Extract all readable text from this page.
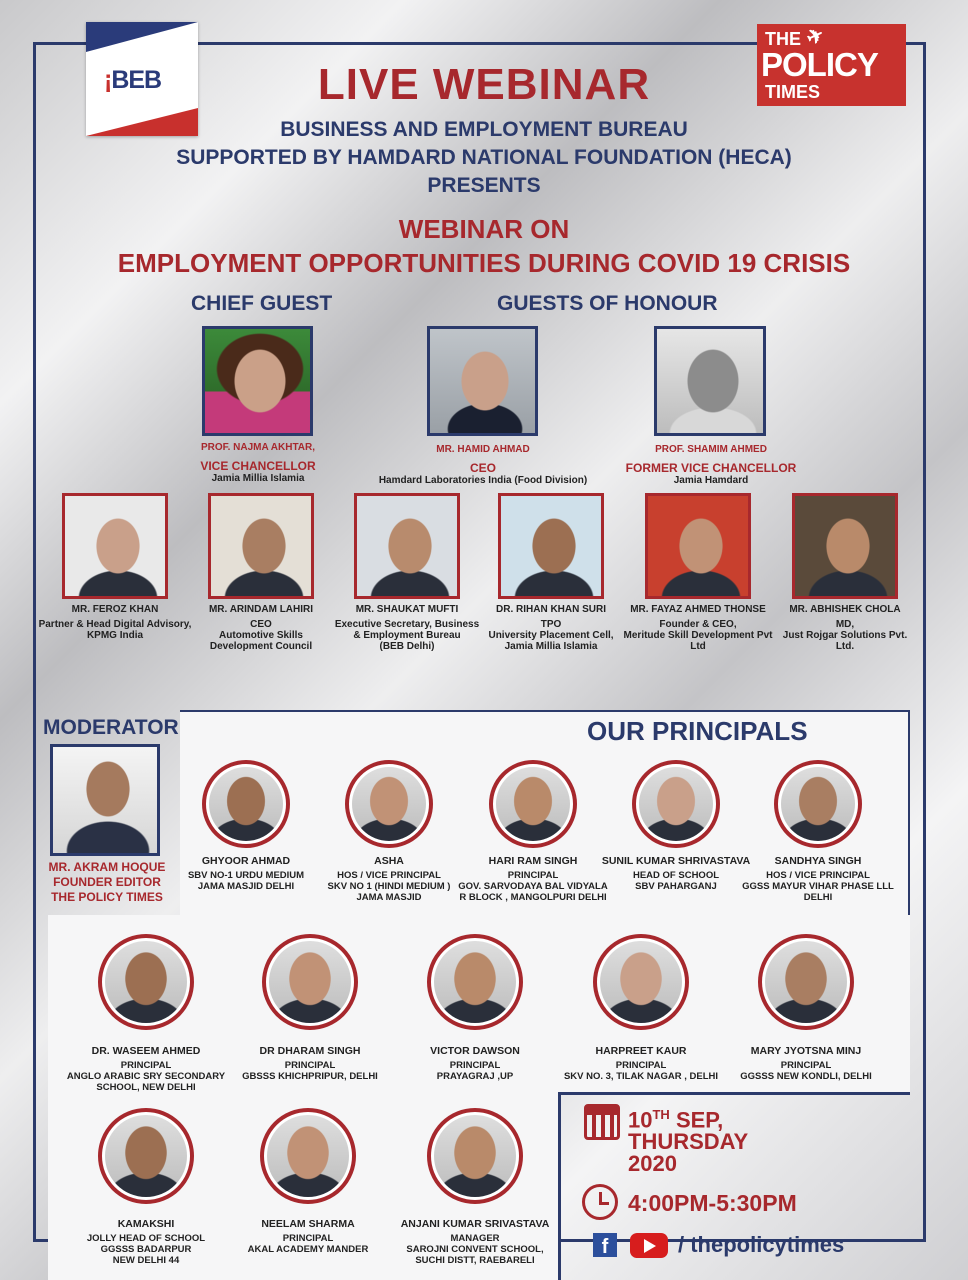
¡BEB
THE ✈
POLICY
TIMES
LIVE WEBINAR
BUSINESS AND EMPLOYMENT BUREAU
SUPPORTED BY HAMDARD NATIONAL FOUNDATION (HECA)
PRESENTS
WEBINAR ON
EMPLOYMENT OPPORTUNITIES DURING COVID 19 CRISIS
CHIEF GUEST	GUESTS OF HONOUR
PROF. NAJMA AKHTAR,
VICE CHANCELLOR
Jamia Millia Islamia
MR. HAMID AHMAD
CEO
Hamdard Laboratories India (Food Division)
PROF. SHAMIM AHMED
FORMER VICE CHANCELLOR
Jamia Hamdard
MR. FEROZ KHAN
Partner & Head Digital Advisory,
KPMG India
MR. ARINDAM LAHIRI
CEO
Automotive Skills
Development Council
MR. SHAUKAT MUFTI
Executive Secretary, Business
& Employment Bureau
(BEB Delhi)
DR. RIHAN KHAN SURI
TPO
University Placement Cell,
Jamia Millia Islamia
MR. FAYAZ AHMED THONSE
Founder & CEO,
Meritude Skill Development Pvt
Ltd
MR. ABHISHEK CHOLA
MD,
Just Rojgar Solutions Pvt.
Ltd.
MODERATOR
MR. AKRAM HOQUE
FOUNDER EDITOR
THE POLICY TIMES
OUR PRINCIPALS
GHYOOR AHMAD
SBV NO-1 URDU MEDIUM
JAMA MASJID DELHI
ASHA
HOS / VICE PRINCIPAL
SKV NO 1 (HINDI MEDIUM )
JAMA MASJID
HARI RAM SINGH
PRINCIPAL
GOV. SARVODAYA BAL VIDYALA
R BLOCK , MANGOLPURI DELHI
SUNIL KUMAR SHRIVASTAVA
HEAD OF SCHOOL
SBV PAHARGANJ
SANDHYA SINGH
HOS / VICE PRINCIPAL
GGSS MAYUR VIHAR PHASE LLL
DELHI
DR. WASEEM AHMED
PRINCIPAL
ANGLO ARABIC SRY SECONDARY
SCHOOL, NEW DELHI
DR DHARAM SINGH
PRINCIPAL
GBSSS KHICHPRIPUR, DELHI
VICTOR DAWSON
PRINCIPAL
PRAYAGRAJ ,UP
HARPREET KAUR
PRINCIPAL
SKV NO. 3, TILAK NAGAR , DELHI
MARY JYOTSNA MINJ
PRINCIPAL
GGSSS NEW KONDLI, DELHI
KAMAKSHI
JOLLY HEAD OF SCHOOL
GGSSS BADARPUR
NEW DELHI 44
NEELAM SHARMA
PRINCIPAL
AKAL ACADEMY MANDER
ANJANI KUMAR SRIVASTAVA
MANAGER
SAROJNI CONVENT SCHOOL,
SUCHI DISTT, RAEBARELI
10TH SEP,
THURSDAY
2020
4:00PM-5:30PM
f	/ thepolicytimes
